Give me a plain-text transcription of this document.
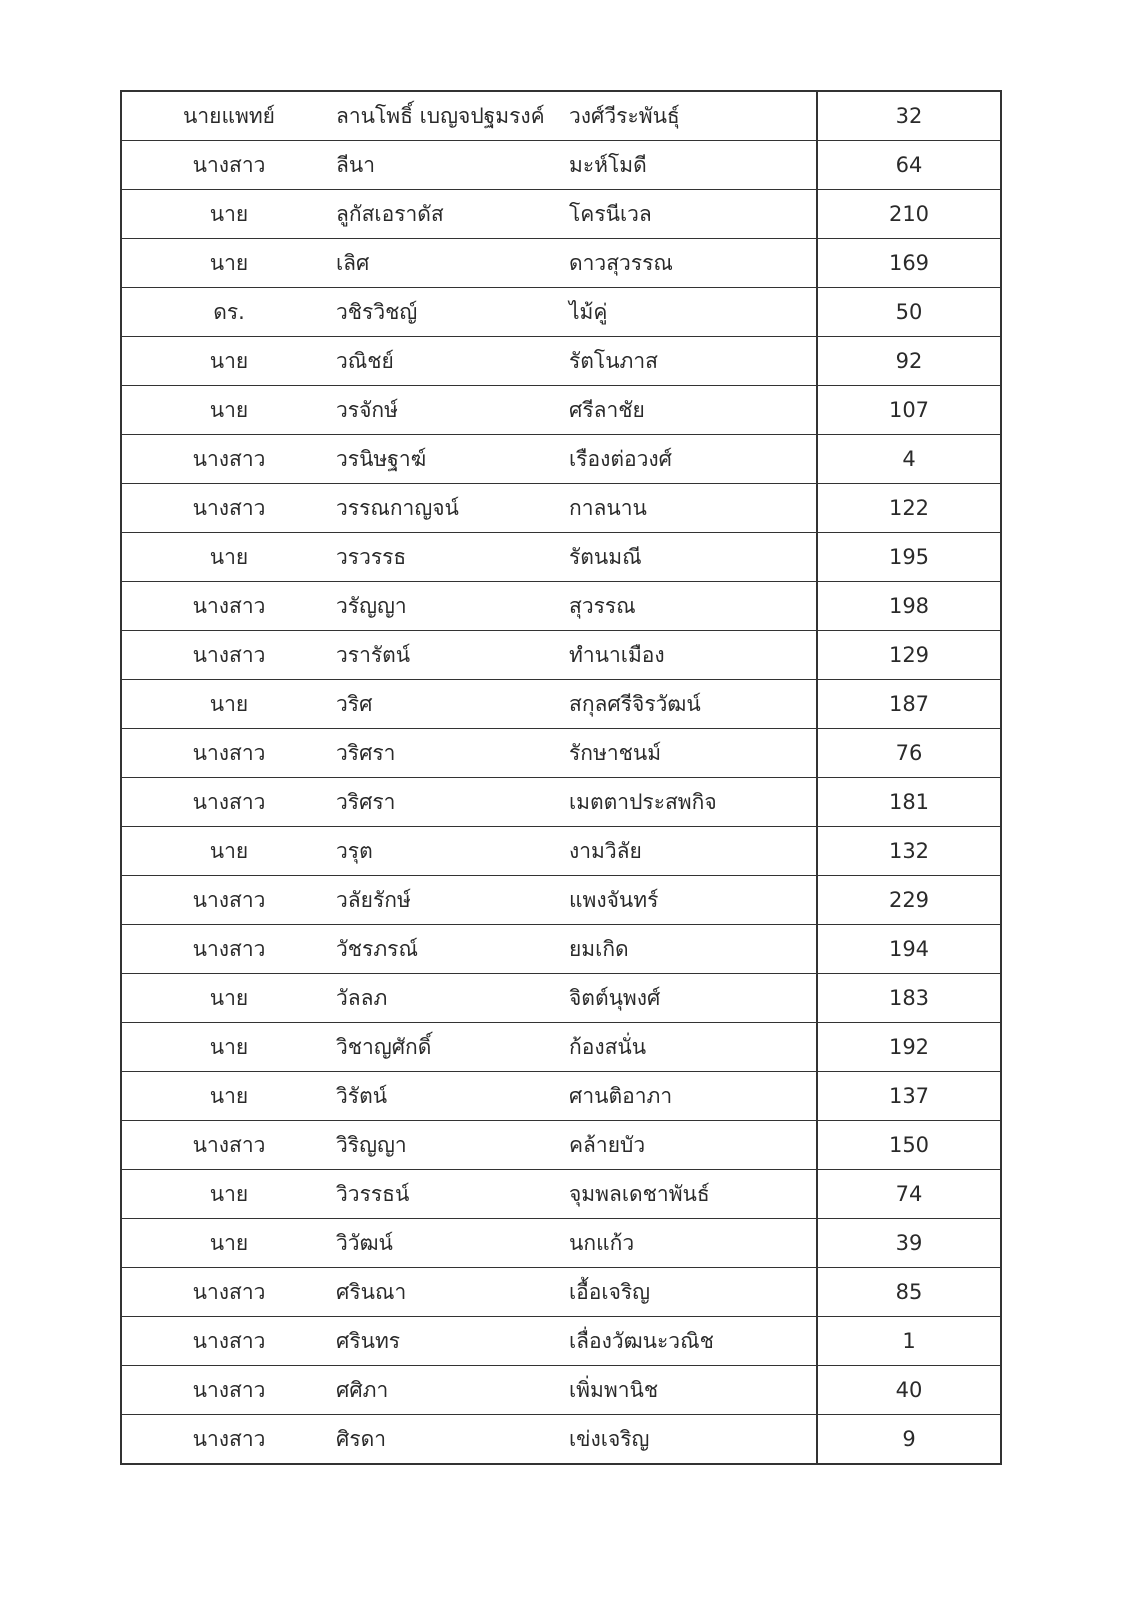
นายแพทย์	ลานโพธิ์ เบญจปฐมรงค์	วงศ์วีระพันธุ์	32
นางสาว	ลีนา	มะห์โมดี	64
นาย	ลูกัสเอราดัส	โครนีเวล	210
นาย	เลิศ	ดาวสุวรรณ	169
ดร.	วชิรวิชญ์	ไม้คู่	50
นาย	วณิชย์	รัตโนภาส	92
นาย	วรจักษ์	ศรีลาชัย	107
นางสาว	วรนิษฐาฆ์	เรืองต่อวงศ์	4
นางสาว	วรรณกาญจน์	กาลนาน	122
นาย	วรวรรธ	รัตนมณี	195
นางสาว	วรัญญา	สุวรรณ	198
นางสาว	วรารัตน์	ทำนาเมือง	129
นาย	วริศ	สกุลศรีจิรวัฒน์	187
นางสาว	วริศรา	รักษาชนม์	76
นางสาว	วริศรา	เมตตาประสพกิจ	181
นาย	วรุต	งามวิลัย	132
นางสาว	วลัยรักษ์	แพงจันทร์	229
นางสาว	วัชรภรณ์	ยมเกิด	194
นาย	วัลลภ	จิตต์นุพงศ์	183
นาย	วิชาญศักดิ์	ก้องสนั่น	192
นาย	วิรัตน์	ศานติอาภา	137
นางสาว	วิริญญา	คล้ายบัว	150
นาย	วิวรรธน์	จุมพลเดชาพันธ์	74
นาย	วิวัฒน์	นกแก้ว	39
นางสาว	ศรินณา	เอื้อเจริญ	85
นางสาว	ศรินทร	เลื่องวัฒนะวณิช	1
นางสาว	ศศิภา	เพิ่มพานิช	40
นางสาว	ศิรดา	เข่งเจริญ	9
